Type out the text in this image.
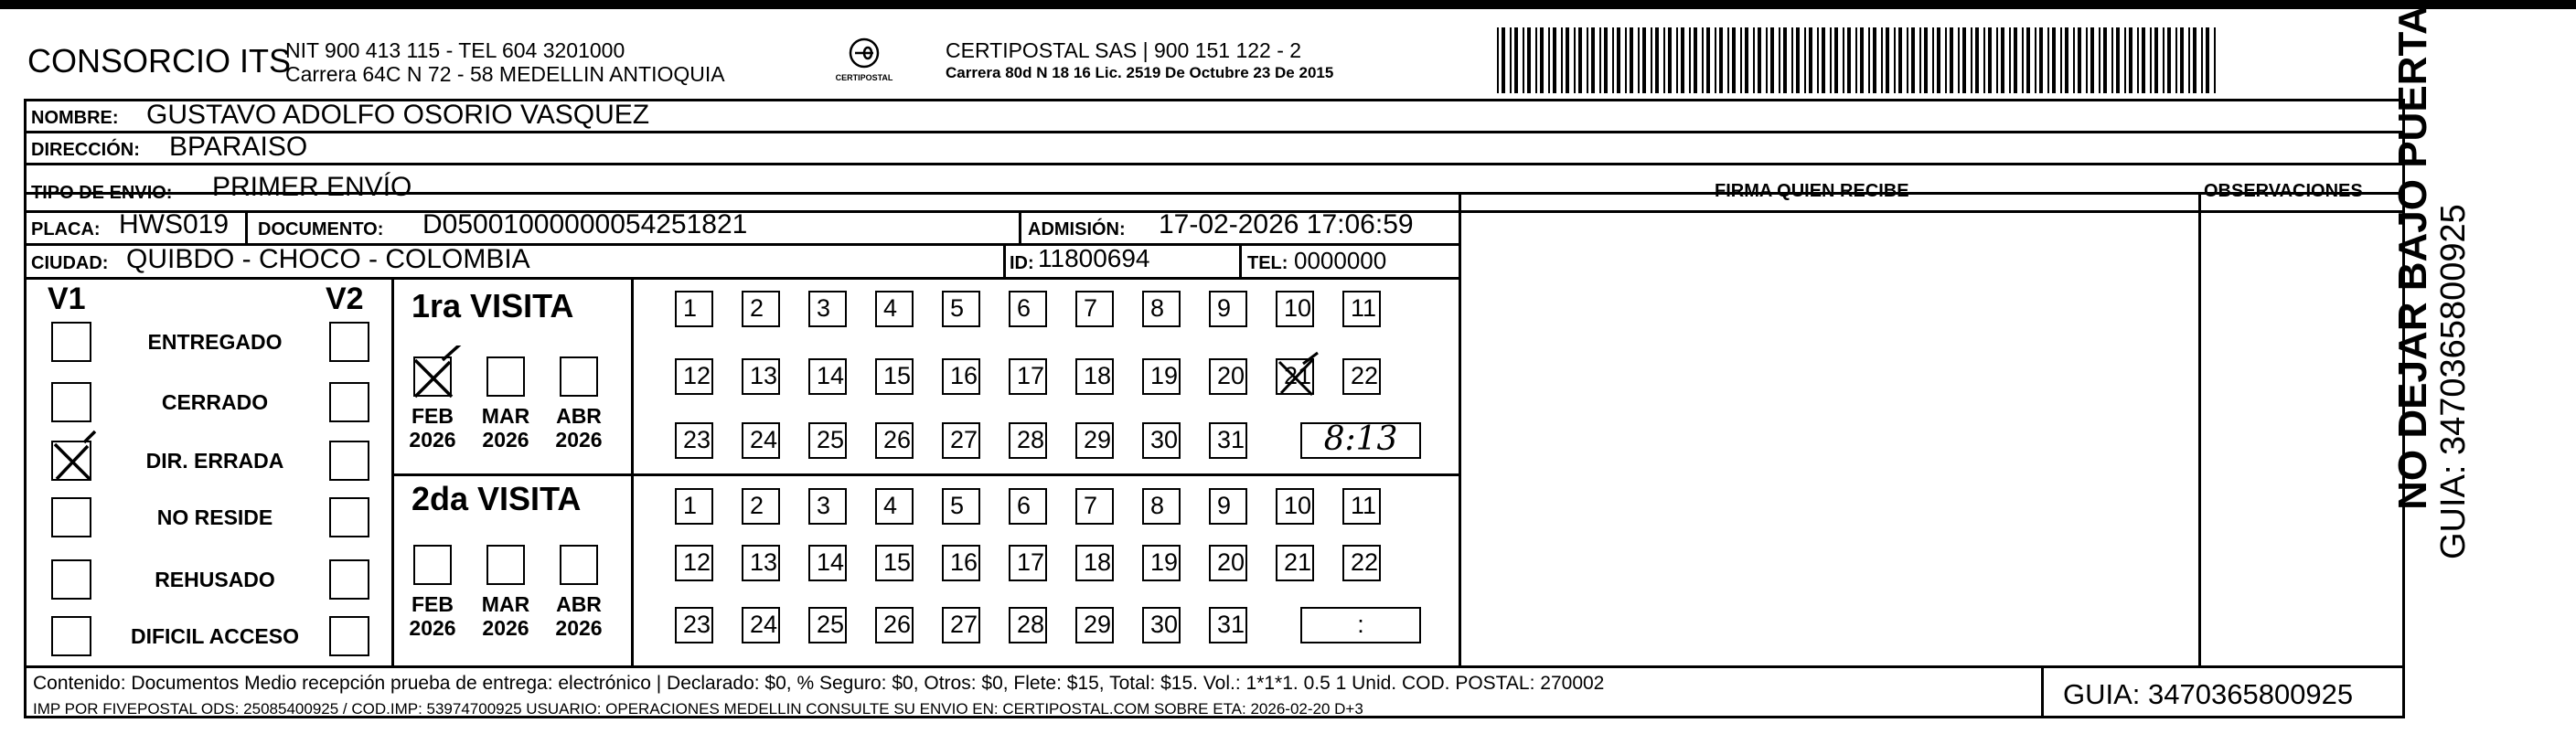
CONSORCIO ITS
NIT 900 413 115 - TEL 604 3201000
Carrera 64C N 72 - 58 MEDELLIN ANTIOQUIA	CERTIPOSTAL
CERTIPOSTAL SAS | 900 151 122 - 2
Carrera 80d N 18 16 Lic. 2519 De Octubre 23 De 2015
NOMBRE: GUSTAVO ADOLFO OSORIO VASQUEZ
DIRECCIÓN: BPARAISO
TIPO DE ENVIO: PRIMER ENVÍO
PLACA: HWS019 DOCUMENTO: D05001000000054251821	ADMISIÓN: 17-02-2026 17:06:59
CIUDAD: QUIBDO - CHOCO - COLOMBIA	ID: 11800694	TEL: 0000000
FIRMA QUIEN RECIBE	OBSERVACIONES
V1	V2
ENTREGADO
CERRADO
DIR. ERRADA
NO RESIDE
REHUSADO
DIFICIL ACCESO
1ra VISITA
2da VISITA
FEB
2026
MAR
2026
ABR
2026
FEB
2026
MAR
2026
ABR
2026
1	2	3	4	5	6	7	8	9	10	11
12	13	14	15	16	17	18	19	20	21	22
23	24	25	26	27	28	29	30	31	8:13
1	2	3	4	5	6	7	8	9	10	11
12	13	14	15	16	17	18	19	20	21	22
23	24	25	26	27	28	29	30	31	:
Contenido: Documentos Medio recepción prueba de entrega: electrónico | Declarado: $0, % Seguro: $0, Otros: $0, Flete: $15, Total: $15. Vol.: 1*1*1. 0.5 1 Unid. COD. POSTAL: 270002
IMP POR FIVEPOSTAL ODS: 25085400925 / COD.IMP: 53974700925 USUARIO: OPERACIONES MEDELLIN CONSULTE SU ENVIO EN: CERTIPOSTAL.COM SOBRE ETA: 2026-02-20 D+3	GUIA: 3470365800925
NO DEJAR BAJO PUERTA GUIA: 3470365800925
